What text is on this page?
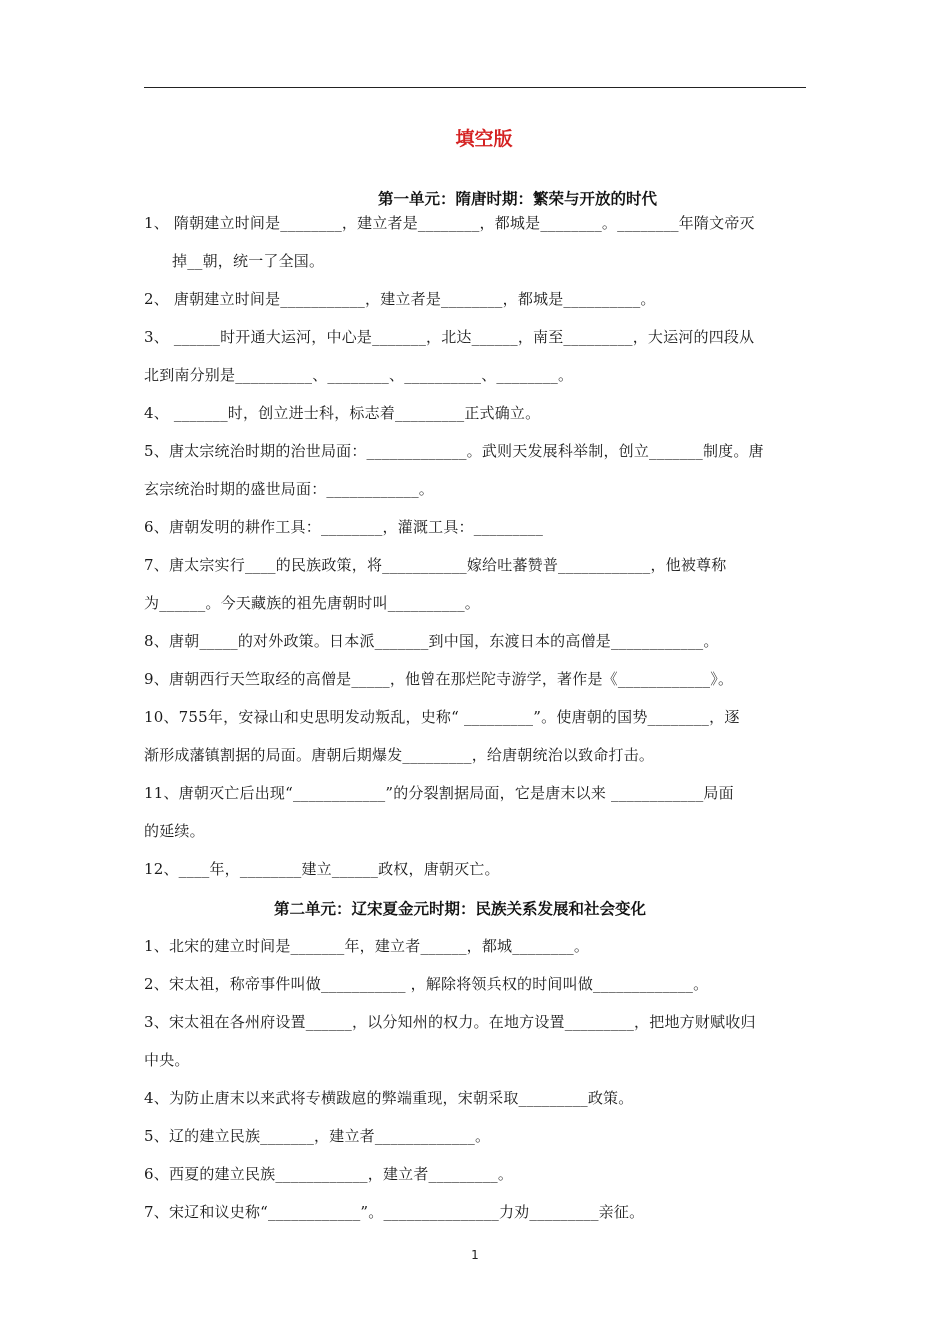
填空版
第一单元：隋唐时期：繁荣与开放的时代
1、 隋朝建立时间是________，建立者是________，都城是________。________年隋文帝灭
掉__朝，统一了全国。
2、 唐朝建立时间是___________，建立者是________，都城是__________。
3、 ______时开通大运河，中心是_______，北达______，南至_________，大运河的四段从
北到南分别是__________、________、__________、________。
4、 _______时，创立进士科，标志着_________正式确立。
5、唐太宗统治时期的治世局面：_____________。武则天发展科举制，创立_______制度。唐
玄宗统治时期的盛世局面：____________。
6、唐朝发明的耕作工具：________，灌溉工具：_________
7、唐太宗实行____的民族政策，将___________嫁给吐蕃赞普____________，他被尊称
为______。今天藏族的祖先唐朝时叫__________。
8、唐朝_____的对外政策。日本派_______到中国，东渡日本的高僧是____________。
9、唐朝西行天竺取经的高僧是_____，他曾在那烂陀寺游学，著作是《____________》。
10、755年，安禄山和史思明发动叛乱，史称“ _________”。使唐朝的国势________，逐
渐形成藩镇割据的局面。唐朝后期爆发_________，给唐朝统治以致命打击。
11、唐朝灭亡后出现“____________”的分裂割据局面，它是唐末以来 ____________局面
的延续。
12、____年，________建立______政权，唐朝灭亡。
第二单元：辽宋夏金元时期：民族关系发展和社会变化
1、北宋的建立时间是_______年，建立者______，都城________。
2、宋太祖，称帝事件叫做___________ ，解除将领兵权的时间叫做_____________。
3、宋太祖在各州府设置______，以分知州的权力。在地方设置_________，把地方财赋收归
中央。
4、为防止唐末以来武将专横跋扈的弊端重现，宋朝采取_________政策。
5、辽的建立民族_______，建立者_____________。
6、西夏的建立民族____________，建立者_________。
7、宋辽和议史称“____________”。_______________力劝_________亲征。
1
